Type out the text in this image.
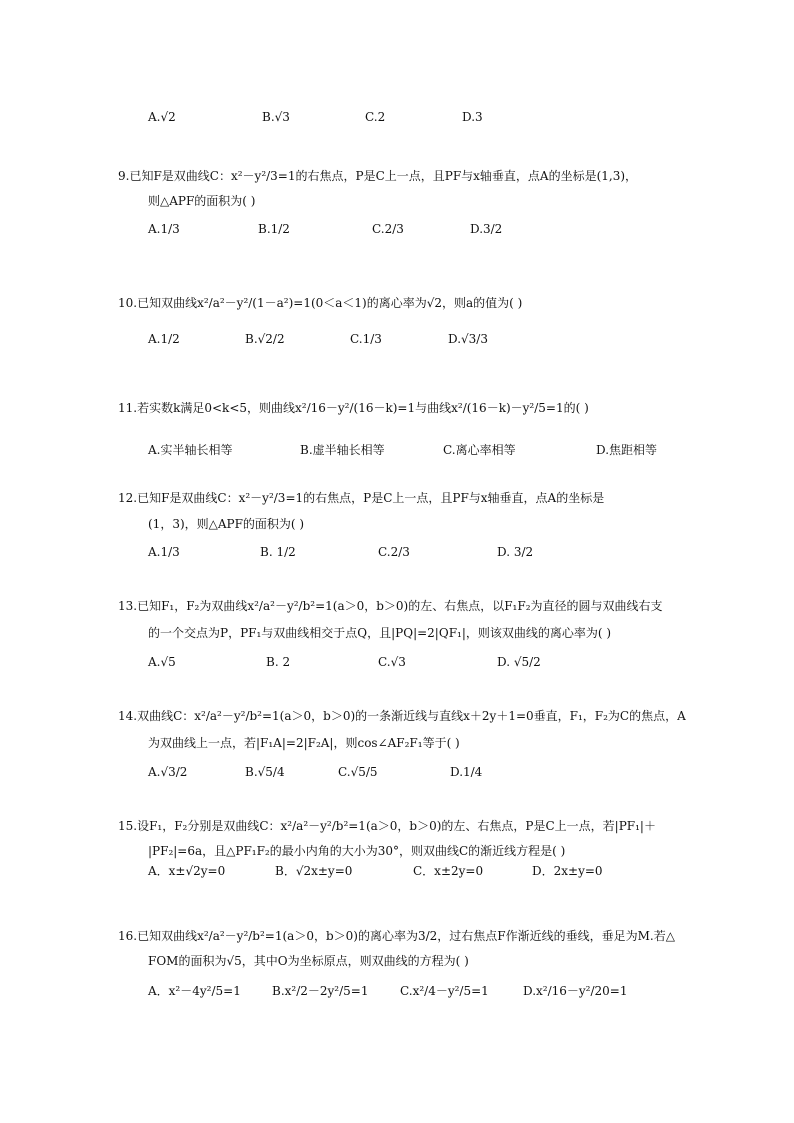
A.√2	B.√3	C.2	D.3
9.已知F是双曲线C：x²－y²/3=1的右焦点，P是C上一点，且PF与x轴垂直，点A的坐标是(1,3)，
则△APF的面积为( )
A.1/3	B.1/2	C.2/3	D.3/2
10.已知双曲线x²/a²－y²/(1－a²)=1(0＜a＜1)的离心率为√2，则a的值为( )
A.1/2	B.√2/2	C.1/3	D.√3/3
11.若实数k满足0<k<5，则曲线x²/16－y²/(16－k)=1与曲线x²/(16－k)－y²/5=1的( )
A.实半轴长相等	B.虚半轴长相等	C.离心率相等	D.焦距相等
12.已知F是双曲线C：x²－y²/3=1的右焦点，P是C上一点，且PF与x轴垂直，点A的坐标是
(1，3)，则△APF的面积为( )
A.1/3	B. 1/2	C.2/3	D. 3/2
13.已知F₁，F₂为双曲线x²/a²－y²/b²=1(a＞0，b＞0)的左、右焦点，以F₁F₂为直径的圆与双曲线右支
的一个交点为P，PF₁与双曲线相交于点Q，且|PQ|=2|QF₁|，则该双曲线的离心率为( )
A.√5	B. 2	C.√3	D. √5/2
14.双曲线C：x²/a²－y²/b²=1(a＞0，b＞0)的一条渐近线与直线x＋2y＋1=0垂直，F₁，F₂为C的焦点，A
为双曲线上一点，若|F₁A|=2|F₂A|，则cos∠AF₂F₁等于( )
A.√3/2	B.√5/4	C.√5/5	D.1/4
15.设F₁，F₂分别是双曲线C：x²/a²－y²/b²=1(a＞0，b＞0)的左、右焦点，P是C上一点，若|PF₁|＋
|PF₂|=6a，且△PF₁F₂的最小内角的大小为30°，则双曲线C的渐近线方程是( )
A．x±√2y=0	B．√2x±y=0	C．x±2y=0	D．2x±y=0
16.已知双曲线x²/a²－y²/b²=1(a＞0，b＞0)的离心率为3/2，过右焦点F作渐近线的垂线，垂足为M.若△
FOM的面积为√5，其中O为坐标原点，则双曲线的方程为( )
A．x²－4y²/5=1	B.x²/2－2y²/5=1	C.x²/4－y²/5=1	D.x²/16－y²/20=1
